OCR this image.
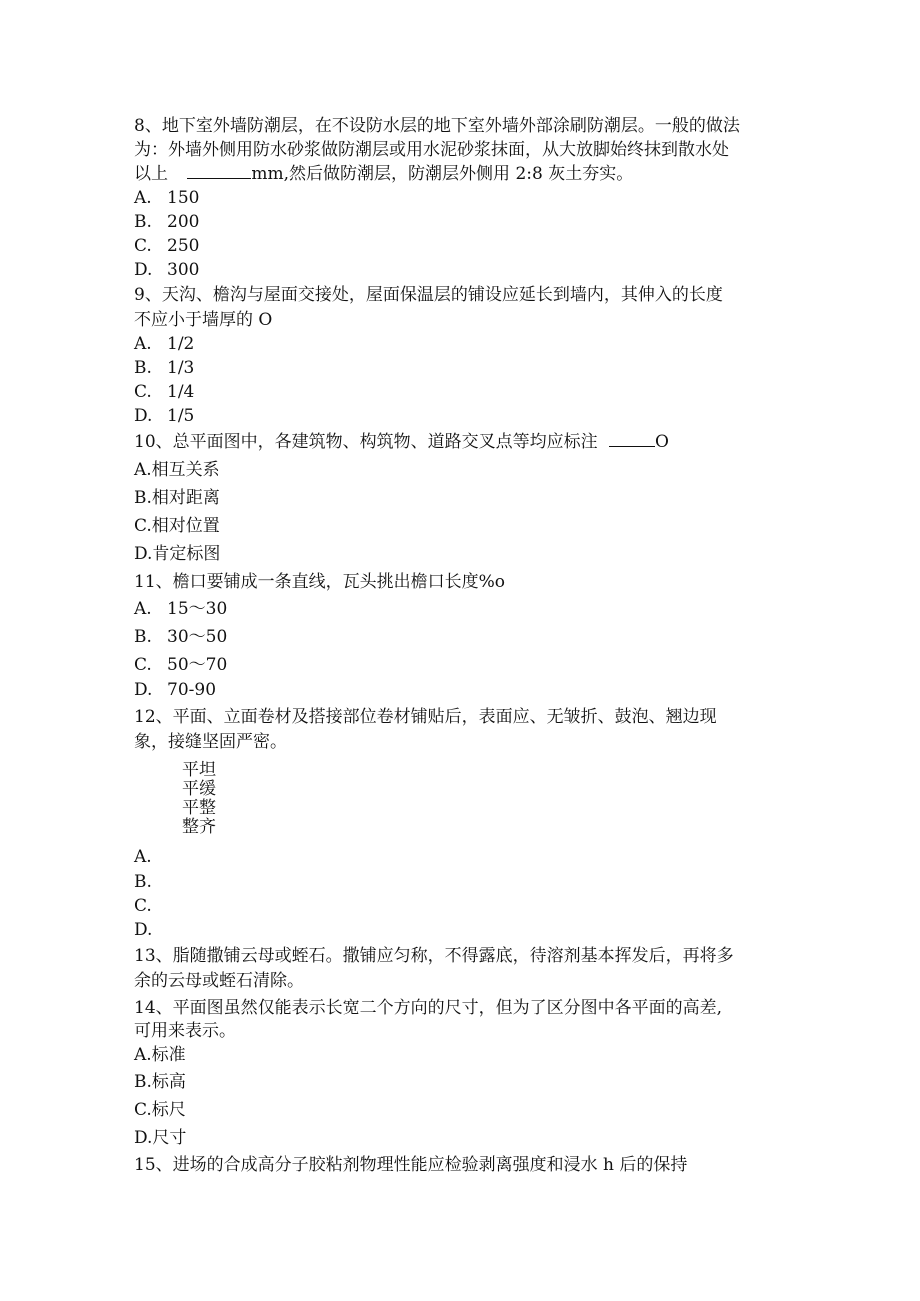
8、地下室外墙防潮层，在不设防水层的地下室外墙外部涂刷防潮层。一般的做法
为：外墙外侧用防水砂浆做防潮层或用水泥砂浆抹面，从大放脚始终抹到散水处
以上	mm,然后做防潮层，防潮层外侧用 2:8 灰土夯实。
A. 150
B. 200
C. 250
D. 300
9、天沟、檐沟与屋面交接处，屋面保温层的铺设应延长到墙内，其伸入的长度
不应小于墙厚的 O
A. 1/2
B. 1/3
C. 1/4
D. 1/5
10、总平面图中，各建筑物、构筑物、道路交叉点等均应标注	O
A.相互关系
B.相对距离
C.相对位置
D.肯定标图
11、檐口要铺成一条直线，瓦头挑出檐口长度%o
A. 15～30
B. 30～50
C. 50～70
D. 70-90
12、平面、立面卷材及搭接部位卷材铺贴后，表面应、无皱折、鼓泡、翘边现
象，接缝坚固严密。
平坦
平缓
平整
整齐
A.
B.
C.
D.
13、脂随撒铺云母或蛭石。撒铺应匀称，不得露底，待溶剂基本挥发后，再将多
余的云母或蛭石清除。
14、平面图虽然仅能表示长宽二个方向的尺寸，但为了区分图中各平面的高差,
可用来表示。
A.标准
B.标高
C.标尺
D.尺寸
15、进场的合成高分子胶粘剂物理性能应检验剥离强度和浸水 h 后的保持
